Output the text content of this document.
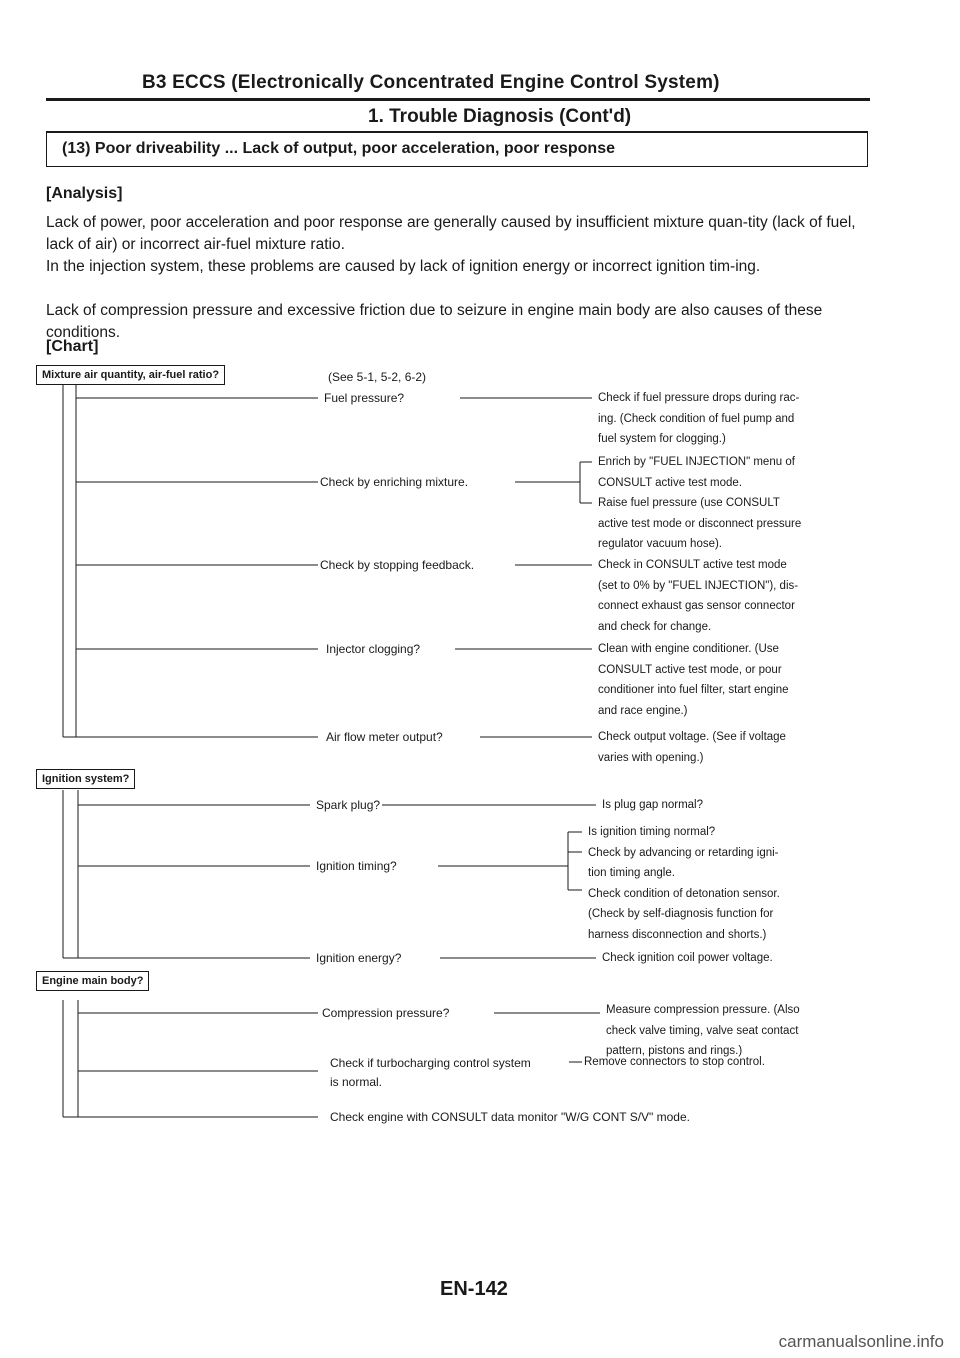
B3 ECCS (Electronically Concentrated Engine Control System)
1. Trouble Diagnosis (Cont'd)
(13) Poor driveability ... Lack of output, poor acceleration, poor response
[Analysis]
Lack of power, poor acceleration and poor response are generally caused by insufficient mixture quan-tity (lack of fuel, lack of air) or incorrect air-fuel mixture ratio.
In the injection system, these problems are caused by lack of ignition energy or incorrect ignition tim-ing.
Lack of compression pressure and excessive friction due to seizure in engine main body are also causes of these conditions.
[Chart]
Mixture air quantity, air-fuel ratio?	(See 5-1, 5-2, 6-2)
Fuel pressure?	Check if fuel pressure drops during rac-
ing. (Check condition of fuel pump and
fuel system for clogging.)
Check by enriching mixture.
Enrich by "FUEL INJECTION" menu of
CONSULT active test mode.
Raise fuel pressure (use CONSULT
active test mode or disconnect pressure
regulator vacuum hose).
Check by stopping feedback.	Check in CONSULT active test mode
(set to 0% by "FUEL INJECTION"), dis-
connect exhaust gas sensor connector
and check for change.
Injector clogging?	Clean with engine conditioner. (Use
CONSULT active test mode, or pour
conditioner into fuel filter, start engine
and race engine.)
Air flow meter output?	Check output voltage. (See if voltage
varies with opening.)
Ignition system?
Spark plug?	Is plug gap normal?
Ignition timing?
Is ignition timing normal?
Check by advancing or retarding igni-
tion timing angle.
Check condition of detonation sensor.
(Check by self-diagnosis function for
harness disconnection and shorts.)
Ignition energy?	Check ignition coil power voltage.
Engine main body?
Compression pressure?	Measure compression pressure. (Also
check valve timing, valve seat contact
pattern, pistons and rings.)
Check if turbocharging control system
is normal.
Remove connectors to stop control.
Check engine with CONSULT data monitor "W/G CONT S/V" mode.
EN-142
carmanualsonline.info
